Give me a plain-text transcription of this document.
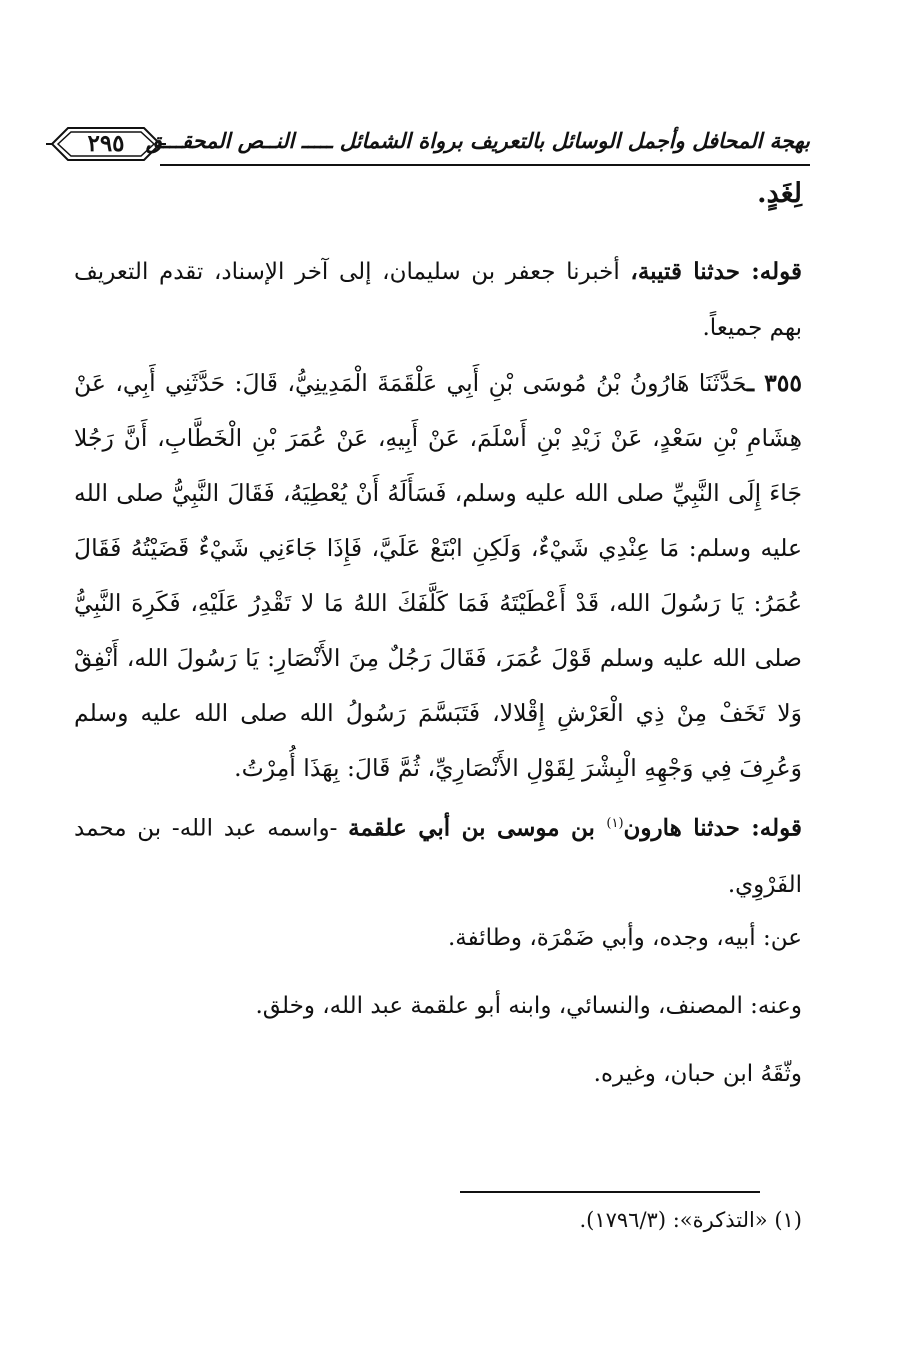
٢٩٥	بهجة المحافل وأجمل الوسائل بالتعريف برواة الشمائل ـــــ النــص المحقـــق
لِغَدٍ.

قوله: حدثنا قتيبة، أخبرنا جعفر بن سليمان، إلى آخر الإسناد، تقدم التعريف بهم جميعاً.

٣٥٥ ـحَدَّثَنَا هَارُونُ بْنُ مُوسَى بْنِ أَبِي عَلْقَمَةَ الْمَدِينِيُّ، قَالَ: حَدَّثَنِي أَبِي، عَنْ هِشَامِ بْنِ سَعْدٍ، عَنْ زَيْدِ بْنِ أَسْلَمَ، عَنْ أَبِيهِ، عَنْ عُمَرَ بْنِ الْخَطَّابِ، أَنَّ رَجُلا جَاءَ إِلَى النَّبِيِّ صلى الله عليه وسلم، فَسَأَلَهُ أَنْ يُعْطِيَهُ، فَقَالَ النَّبِيُّ صلى الله عليه وسلم: مَا عِنْدِي شَيْءٌ، وَلَكِنِ ابْتَعْ عَلَيَّ، فَإِذَا جَاءَنِي شَيْءٌ قَضَيْتُهُ فَقَالَ عُمَرُ: يَا رَسُولَ الله، قَدْ أَعْطَيْتَهُ فَمَا كَلَّفَكَ اللهُ مَا لا تَقْدِرُ عَلَيْهِ، فَكَرِهَ النَّبِيُّ صلى الله عليه وسلم قَوْلَ عُمَرَ، فَقَالَ رَجُلٌ مِنَ الأَنْصَارِ: يَا رَسُولَ الله، أَنْفِقْ وَلا تَخَفْ مِنْ ذِي الْعَرْشِ إِقْلالا، فَتَبَسَّمَ رَسُولُ الله صلى الله عليه وسلم وَعُرِفَ فِي وَجْهِهِ الْبِشْرَ لِقَوْلِ الأَنْصَارِيِّ، ثُمَّ قَالَ: بِهَذَا أُمِرْتُ.

قوله: حدثنا هارون$^{(١)}$ بن موسى بن أبي علقمة -واسمه عبد الله- بن محمد الفَرْوِي.

عن: أبيه، وجده، وأبي ضَمْرَة، وطائفة.

وعنه: المصنف، والنسائي، وابنه أبو علقمة عبد الله، وخلق.

وثّقَهُ ابن حبان، وغيره.

(١) «التذكرة»: (١٧٩٦/٣).
